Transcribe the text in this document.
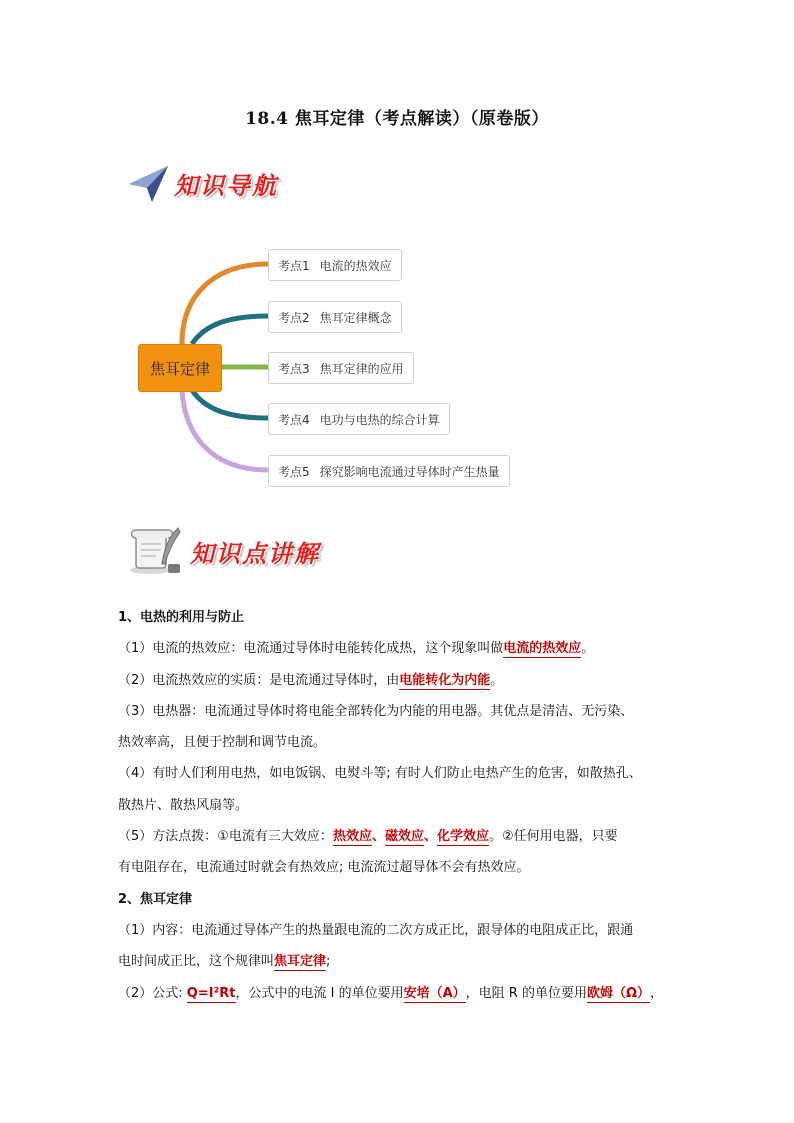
18.4 焦耳定律（考点解读）（原卷版）
知识导航
焦耳定律
考点1 电流的热效应
考点2 焦耳定律概念
考点3 焦耳定律的应用
考点4 电功与电热的综合计算
考点5 探究影响电流通过导体时产生热量
知识点讲解

1、电热的利用与防止

（1）电流的热效应：电流通过导体时电能转化成热，这个现象叫做电流的热效应。

（2）电流热效应的实质：是电流通过导体时，由电能转化为内能。

（3）电热器：电流通过导体时将电能全部转化为内能的用电器。其优点是清洁、无污染、

热效率高，且便于控制和调节电流。

（4）有时人们利用电热，如电饭锅、电熨斗等; 有时人们防止电热产生的危害，如散热孔、

散热片、散热风扇等。

（5）方法点拨：①电流有三大效应：热效应、磁效应、化学效应。②任何用电器，只要

有电阻存在，电流通过时就会有热效应; 电流流过超导体不会有热效应。

2、焦耳定律

（1）内容：电流通过导体产生的热量跟电流的二次方成正比，跟导体的电阻成正比，跟通

电时间成正比，这个规律叫焦耳定律;

（2）公式: Q=I²Rt，公式中的电流 I 的单位要用安培（A），电阻 R 的单位要用欧姆（Ω），
